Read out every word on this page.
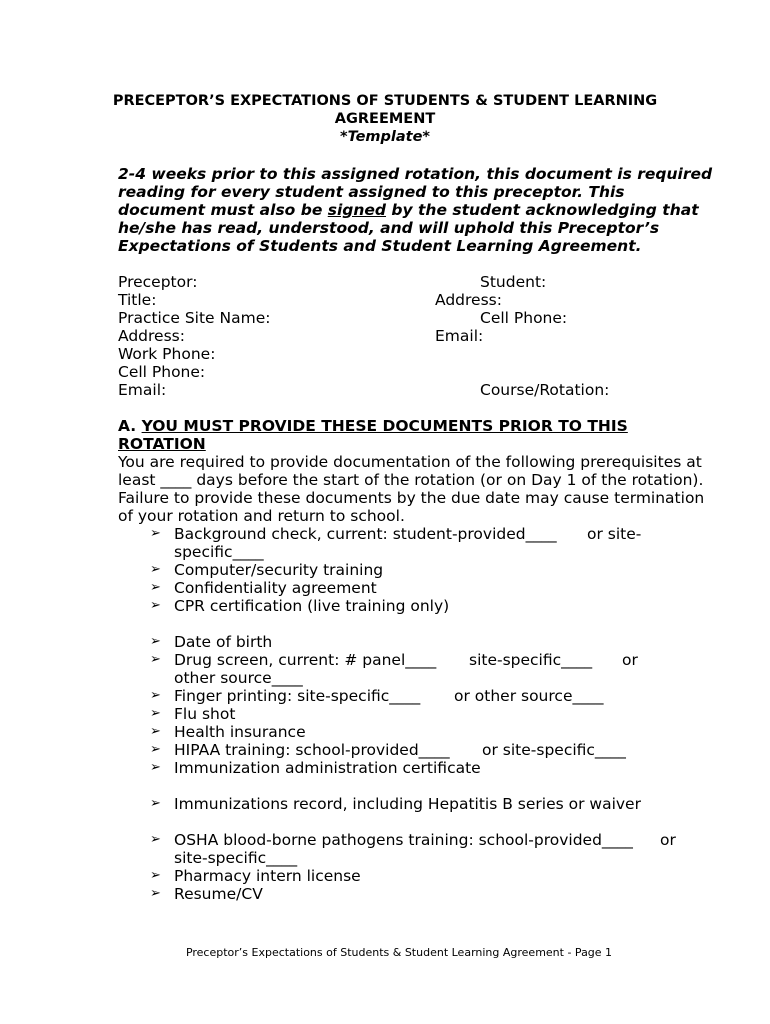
PRECEPTOR’S EXPECTATIONS OF STUDENTS & STUDENT LEARNING
AGREEMENT
*Template*
2-4 weeks prior to this assigned rotation, this document is required
reading for every student assigned to this preceptor. This
document must also be signed by the student acknowledging that
he/she has read, understood, and will uphold this Preceptor’s
Expectations of Students and Student Learning Agreement.
Preceptor:
Title:
Practice Site Name:
Address:
Work Phone:
Cell Phone:
Email:
Student:
Address:
Cell Phone:
Email:
Course/Rotation:
A. YOU MUST PROVIDE THESE DOCUMENTS PRIOR TO THIS
ROTATION
You are required to provide documentation of the following prerequisites at
least ____ days before the start of the rotation (or on Day 1 of the rotation).
Failure to provide these documents by the due date may cause termination
of your rotation and return to school.
➢ Background check, current: student-provided____ or site-
specific____
➢ Computer/security training
➢ Confidentiality agreement
➢ CPR certification (live training only)
➢ Date of birth
➢ Drug screen, current: # panel____ site-specific____ or
other source____
➢ Finger printing: site-specific____ or other source____
➢ Flu shot
➢ Health insurance
➢ HIPAA training: school-provided____ or site-specific____
➢ Immunization administration certificate
➢ Immunizations record, including Hepatitis B series or waiver
➢ OSHA blood-borne pathogens training: school-provided____ or
site-specific____
➢ Pharmacy intern license
➢ Resume/CV
Preceptor’s Expectations of Students & Student Learning Agreement - Page 1
